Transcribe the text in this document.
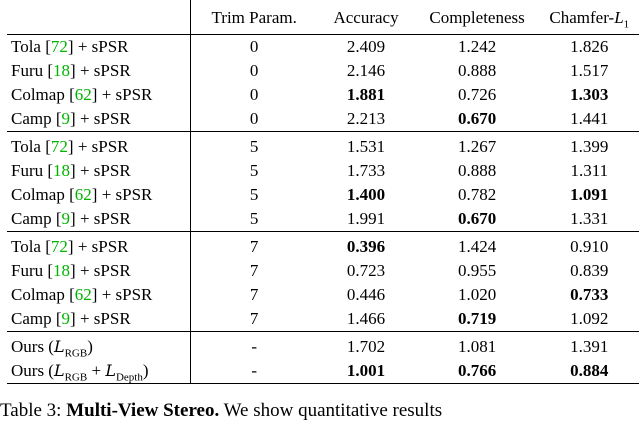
	Trim Param.	Accuracy	Completeness	Chamfer-$L_1$
Tola [72] + sPSR	0	2.409	1.242	1.826
Furu [18] + sPSR	0	2.146	0.888	1.517
Colmap [62] + sPSR	0	1.881	0.726	1.303
Camp [9] + sPSR	0	2.213	0.670	1.441
Tola [72] + sPSR	5	1.531	1.267	1.399
Furu [18] + sPSR	5	1.733	0.888	1.311
Colmap [62] + sPSR	5	1.400	0.782	1.091
Camp [9] + sPSR	5	1.991	0.670	1.331
Tola [72] + sPSR	7	0.396	1.424	0.910
Furu [18] + sPSR	7	0.723	0.955	0.839
Colmap [62] + sPSR	7	0.446	1.020	0.733
Camp [9] + sPSR	7	1.466	0.719	1.092
Ours $(L_{RGB})$	-	1.702	1.081	1.391
Ours $(L_{RGB} + L_{Depth})$	-	1.001	0.766	0.884
Table 3: Multi-View Stereo. We show quantitative results
